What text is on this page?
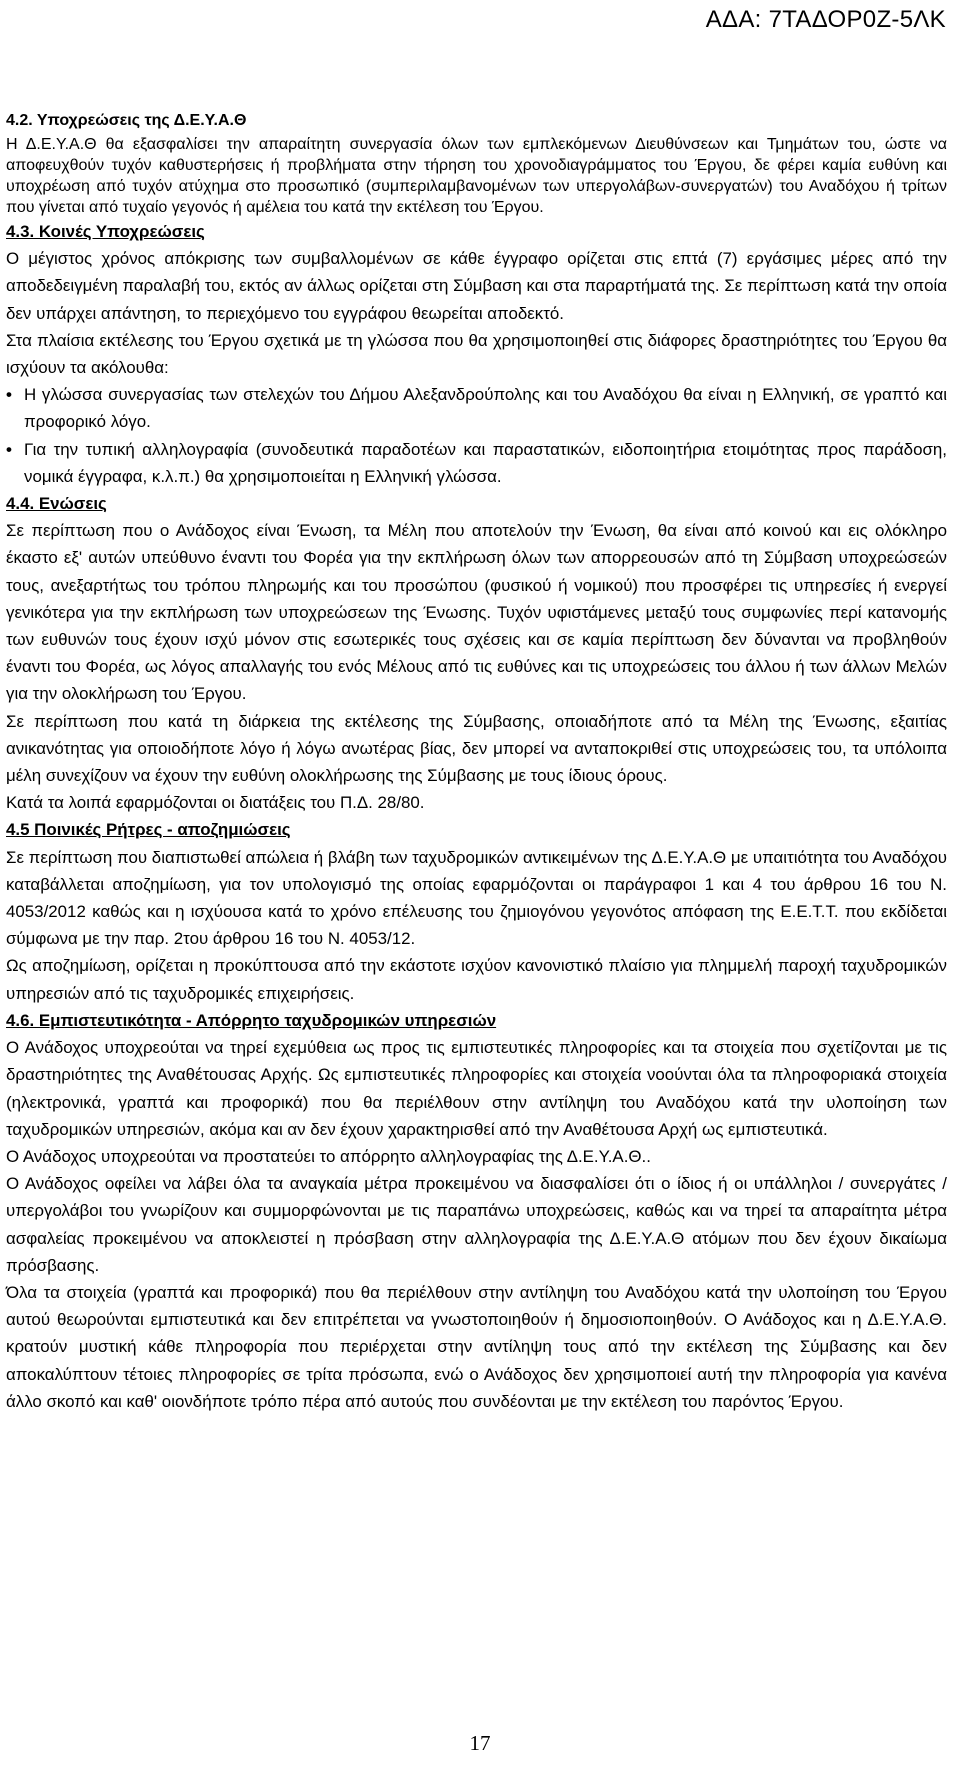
ΑΔΑ: 7ΤΑΔΟΡ0Ζ-5ΛΚ

4.2. Υποχρεώσεις της Δ.Ε.Υ.Α.Θ

Η Δ.Ε.Υ.Α.Θ θα εξασφαλίσει την απαραίτητη συνεργασία όλων των εμπλεκόμενων Διευθύνσεων και Τμημάτων του, ώστε να αποφευχθούν τυχόν καθυστερήσεις ή προβλήματα στην τήρηση του χρονοδιαγράμματος του Έργου, δε φέρει καμία ευθύνη και υποχρέωση από τυχόν ατύχημα στο προσωπικό (συμπεριλαμβανομένων των υπεργολάβων-συνεργατών) του Αναδόχου ή τρίτων που γίνεται από τυχαίο γεγονός ή αμέλεια του κατά την εκτέλεση του Έργου.

4.3. Κοινές Υποχρεώσεις

Ο μέγιστος χρόνος απόκρισης των συμβαλλομένων σε κάθε έγγραφο ορίζεται στις επτά (7) εργάσιμες μέρες από την αποδεδειγμένη παραλαβή του, εκτός αν άλλως ορίζεται στη Σύμβαση και στα παραρτήματά της. Σε περίπτωση κατά την οποία δεν υπάρχει απάντηση, το περιεχόμενο του εγγράφου θεωρείται αποδεκτό.

Στα πλαίσια εκτέλεσης του Έργου σχετικά με τη γλώσσα που θα χρησιμοποιηθεί στις διάφορες δραστηριότητες του Έργου θα ισχύουν τα ακόλουθα:

• Η γλώσσα συνεργασίας των στελεχών του Δήμου Αλεξανδρούπολης και του Αναδόχου θα είναι η Ελληνική, σε γραπτό και προφορικό λόγο.
• Για την τυπική αλληλογραφία (συνοδευτικά παραδοτέων και παραστατικών, ειδοποιητήρια ετοιμότητας προς παράδοση, νομικά έγγραφα, κ.λ.π.) θα χρησιμοποιείται η Ελληνική γλώσσα.

4.4. Ενώσεις

Σε περίπτωση που ο Ανάδοχος είναι Ένωση, τα Μέλη που αποτελούν την Ένωση, θα είναι από κοινού και εις ολόκληρο έκαστο εξ' αυτών υπεύθυνο έναντι του Φορέα για την εκπλήρωση όλων των απορρεουσών από τη Σύμβαση υποχρεώσεών τους, ανεξαρτήτως του τρόπου πληρωμής και του προσώπου (φυσικού ή νομικού) που προσφέρει τις υπηρεσίες ή ενεργεί γενικότερα για την εκπλήρωση των υποχρεώσεων της Ένωσης. Τυχόν υφιστάμενες μεταξύ τους συμφωνίες περί κατανομής των ευθυνών τους έχουν ισχύ μόνον στις εσωτερικές τους σχέσεις και σε καμία περίπτωση δεν δύνανται να προβληθούν έναντι του Φορέα, ως λόγος απαλλαγής του ενός Μέλους από τις ευθύνες και τις υποχρεώσεις του άλλου ή των άλλων Μελών για την ολοκλήρωση του Έργου.

Σε περίπτωση που κατά τη διάρκεια της εκτέλεσης της Σύμβασης, οποιαδήποτε από τα Μέλη της Ένωσης, εξαιτίας ανικανότητας για οποιοδήποτε λόγο ή λόγω ανωτέρας βίας, δεν μπορεί να ανταποκριθεί στις υποχρεώσεις του, τα υπόλοιπα μέλη συνεχίζουν να έχουν την ευθύνη ολοκλήρωσης της Σύμβασης με τους ίδιους όρους.

Κατά τα λοιπά εφαρμόζονται οι διατάξεις του Π.Δ. 28/80.

4.5 Ποινικές Ρήτρες - αποζημιώσεις

Σε περίπτωση που διαπιστωθεί απώλεια ή βλάβη των ταχυδρομικών αντικειμένων της Δ.Ε.Υ.Α.Θ με υπαιτιότητα του Αναδόχου καταβάλλεται αποζημίωση, για τον υπολογισμό της οποίας εφαρμόζονται οι παράγραφοι 1 και 4 του άρθρου 16 του Ν. 4053/2012 καθώς και η ισχύουσα κατά το χρόνο επέλευσης του ζημιογόνου γεγονότος απόφαση της Ε.Ε.Τ.Τ. που εκδίδεται σύμφωνα με την παρ. 2του άρθρου 16 του Ν. 4053/12.

Ως αποζημίωση, ορίζεται η προκύπτουσα από την εκάστοτε ισχύον κανονιστικό πλαίσιο για πλημμελή παροχή ταχυδρομικών υπηρεσιών από τις ταχυδρομικές επιχειρήσεις.

4.6. Εμπιστευτικότητα - Απόρρητο ταχυδρομικών υπηρεσιών

Ο Ανάδοχος υποχρεούται να τηρεί εχεμύθεια ως προς τις εμπιστευτικές πληροφορίες και τα στοιχεία που σχετίζονται με τις δραστηριότητες της Αναθέτουσας Αρχής. Ως εμπιστευτικές πληροφορίες και στοιχεία νοούνται όλα τα πληροφοριακά στοιχεία (ηλεκτρονικά, γραπτά και προφορικά) που θα περιέλθουν στην αντίληψη του Αναδόχου κατά την υλοποίηση των ταχυδρομικών υπηρεσιών, ακόμα και αν δεν έχουν χαρακτηρισθεί από την Αναθέτουσα Αρχή ως εμπιστευτικά.

Ο Ανάδοχος υποχρεούται να προστατεύει το απόρρητο αλληλογραφίας της Δ.Ε.Υ.Α.Θ..

Ο Ανάδοχος οφείλει να λάβει όλα τα αναγκαία μέτρα προκειμένου να διασφαλίσει ότι ο ίδιος ή οι υπάλληλοι / συνεργάτες / υπεργολάβοι του γνωρίζουν και συμμορφώνονται με τις παραπάνω υποχρεώσεις, καθώς και να τηρεί τα απαραίτητα μέτρα ασφαλείας προκειμένου να αποκλειστεί η πρόσβαση στην αλληλογραφία της Δ.Ε.Υ.Α.Θ ατόμων που δεν έχουν δικαίωμα πρόσβασης.

Όλα τα στοιχεία (γραπτά και προφορικά) που θα περιέλθουν στην αντίληψη του Αναδόχου κατά την υλοποίηση του Έργου αυτού θεωρούνται εμπιστευτικά και δεν επιτρέπεται να γνωστοποιηθούν ή δημοσιοποιηθούν. Ο Ανάδοχος και η Δ.Ε.Υ.Α.Θ. κρατούν μυστική κάθε πληροφορία που περιέρχεται στην αντίληψη τους από την εκτέλεση της Σύμβασης και δεν αποκαλύπτουν τέτοιες πληροφορίες σε τρίτα πρόσωπα, ενώ ο Ανάδοχος δεν χρησιμοποιεί αυτή την πληροφορία για κανένα άλλο σκοπό και καθ' οιονδήποτε τρόπο πέρα από αυτούς που συνδέονται με την εκτέλεση του παρόντος Έργου.

17
